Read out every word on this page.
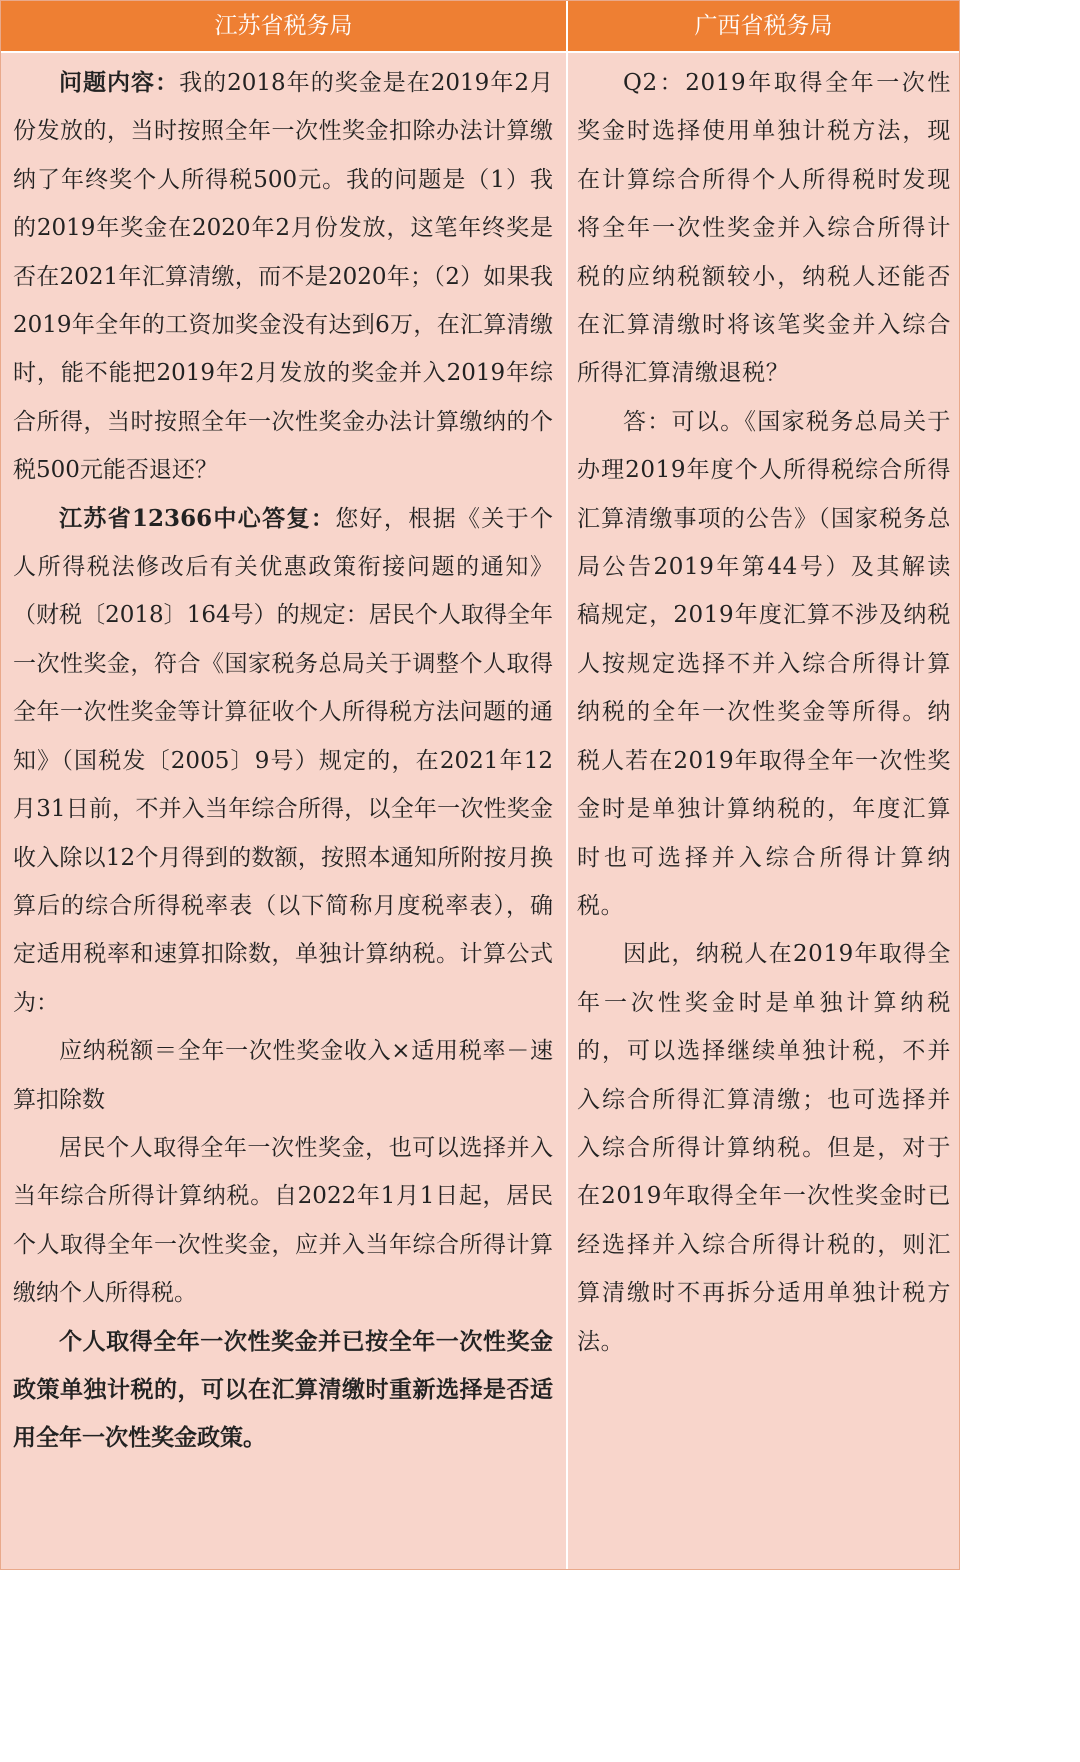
江苏省税务局	广西省税务局

问题内容：我的2018年的奖金是在2019年2月份发放的，当时按照全年一次性奖金扣除办法计算缴纳了年终奖个人所得税500元。我的问题是（1）我的2019年奖金在2020年2月份发放，这笔年终奖是否在2021年汇算清缴，而不是2020年；（2）如果我2019年全年的工资加奖金没有达到6万，在汇算清缴时，能不能把2019年2月发放的奖金并入2019年综合所得，当时按照全年一次性奖金办法计算缴纳的个税500元能否退还？

江苏省12366中心答复：您好，根据《关于个人所得税法修改后有关优惠政策衔接问题的通知》（财税〔2018〕164号）的规定：居民个人取得全年一次性奖金，符合《国家税务总局关于调整个人取得全年一次性奖金等计算征收个人所得税方法问题的通知》（国税发〔2005〕9号）规定的，在2021年12月31日前，不并入当年综合所得，以全年一次性奖金收入除以12个月得到的数额，按照本通知所附按月换算后的综合所得税率表（以下简称月度税率表），确定适用税率和速算扣除数，单独计算纳税。计算公式为：

应纳税额＝全年一次性奖金收入×适用税率－速算扣除数

居民个人取得全年一次性奖金，也可以选择并入当年综合所得计算纳税。自2022年1月1日起，居民个人取得全年一次性奖金，应并入当年综合所得计算缴纳个人所得税。

个人取得全年一次性奖金并已按全年一次性奖金政策单独计税的，可以在汇算清缴时重新选择是否适用全年一次性奖金政策。

Q2：2019年取得全年一次性奖金时选择使用单独计税方法，现在计算综合所得个人所得税时发现将全年一次性奖金并入综合所得计税的应纳税额较小，纳税人还能否在汇算清缴时将该笔奖金并入综合所得汇算清缴退税？

答：可以。《国家税务总局关于办理2019年度个人所得税综合所得汇算清缴事项的公告》（国家税务总局公告2019年第44号）及其解读稿规定，2019年度汇算不涉及纳税人按规定选择不并入综合所得计算纳税的全年一次性奖金等所得。纳税人若在2019年取得全年一次性奖金时是单独计算纳税的，年度汇算时也可选择并入综合所得计算纳税。

因此，纳税人在2019年取得全年一次性奖金时是单独计算纳税的，可以选择继续单独计税，不并入综合所得汇算清缴；也可选择并入综合所得计算纳税。但是，对于在2019年取得全年一次性奖金时已经选择并入综合所得计税的，则汇算清缴时不再拆分适用单独计税方法。
